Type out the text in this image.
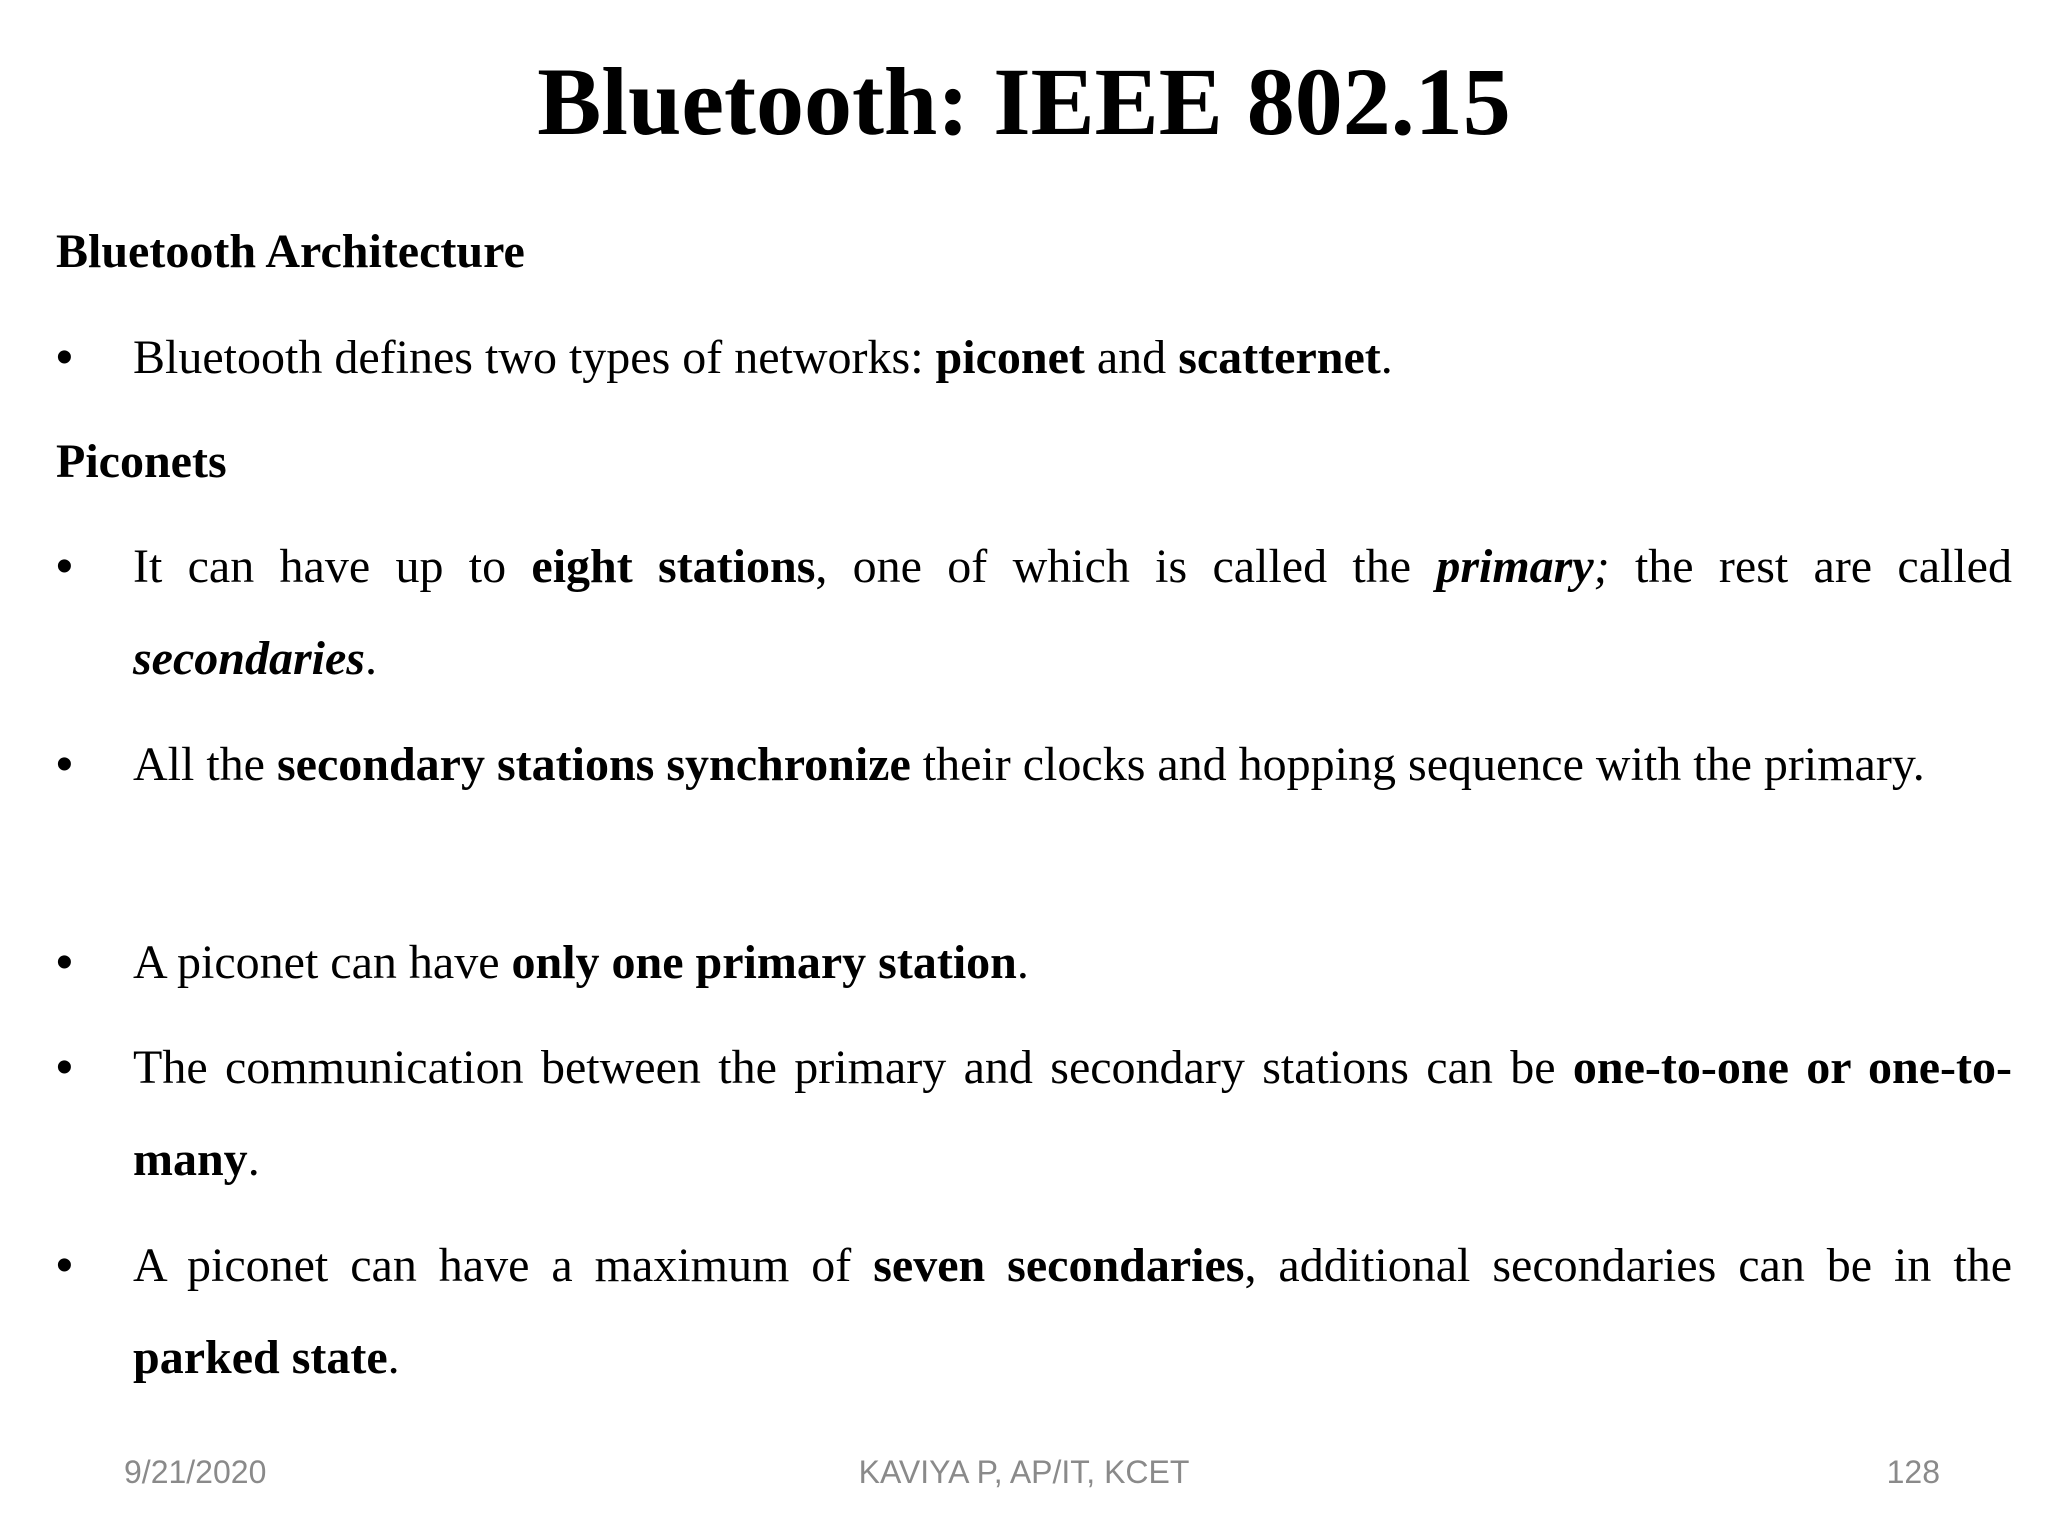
Bluetooth: IEEE 802.15
Bluetooth Architecture
•	Bluetooth defines two types of networks: piconet and scatternet.
Piconets
•	It can have up to eight stations, one of which is called the primary; the rest are called secondaries.
•	All the secondary stations synchronize their clocks and hopping sequence with the primary.
•	A piconet can have only one primary station.
•	The communication between the primary and secondary stations can be one-to-one or one-to-many.
•	A piconet can have a maximum of seven secondaries, additional secondaries can be in the parked state.
9/21/2020	KAVIYA P, AP/IT, KCET	128
